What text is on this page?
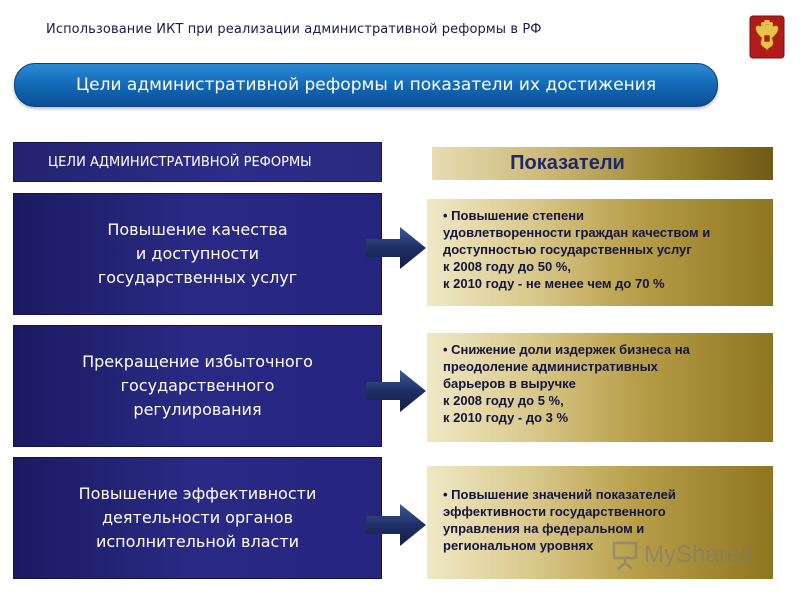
Использование ИКТ при реализации административной реформы в РФ
Цели административной реформы и показатели их достижения
ЦЕЛИ АДМИНИСТРАТИВНОЙ РЕФОРМЫ	Показатели
Повышение качества
и доступности
государственных услуг
• Повышение степени
удовлетворенности граждан качеством и
доступностью государственных услуг
к 2008 году до 50 %,
к 2010 году - не менее чем до 70 %
Прекращение избыточного
государственного
регулирования
• Снижение доли издержек бизнеса на
преодоление административных
барьеров в выручке
к 2008 году до 5 %,
к 2010 году - до 3 %
Повышение эффективности
деятельности органов
исполнительной власти
• Повышение значений показателей
эффективности государственного
управления на федеральном и
региональном уровнях	MyShared
